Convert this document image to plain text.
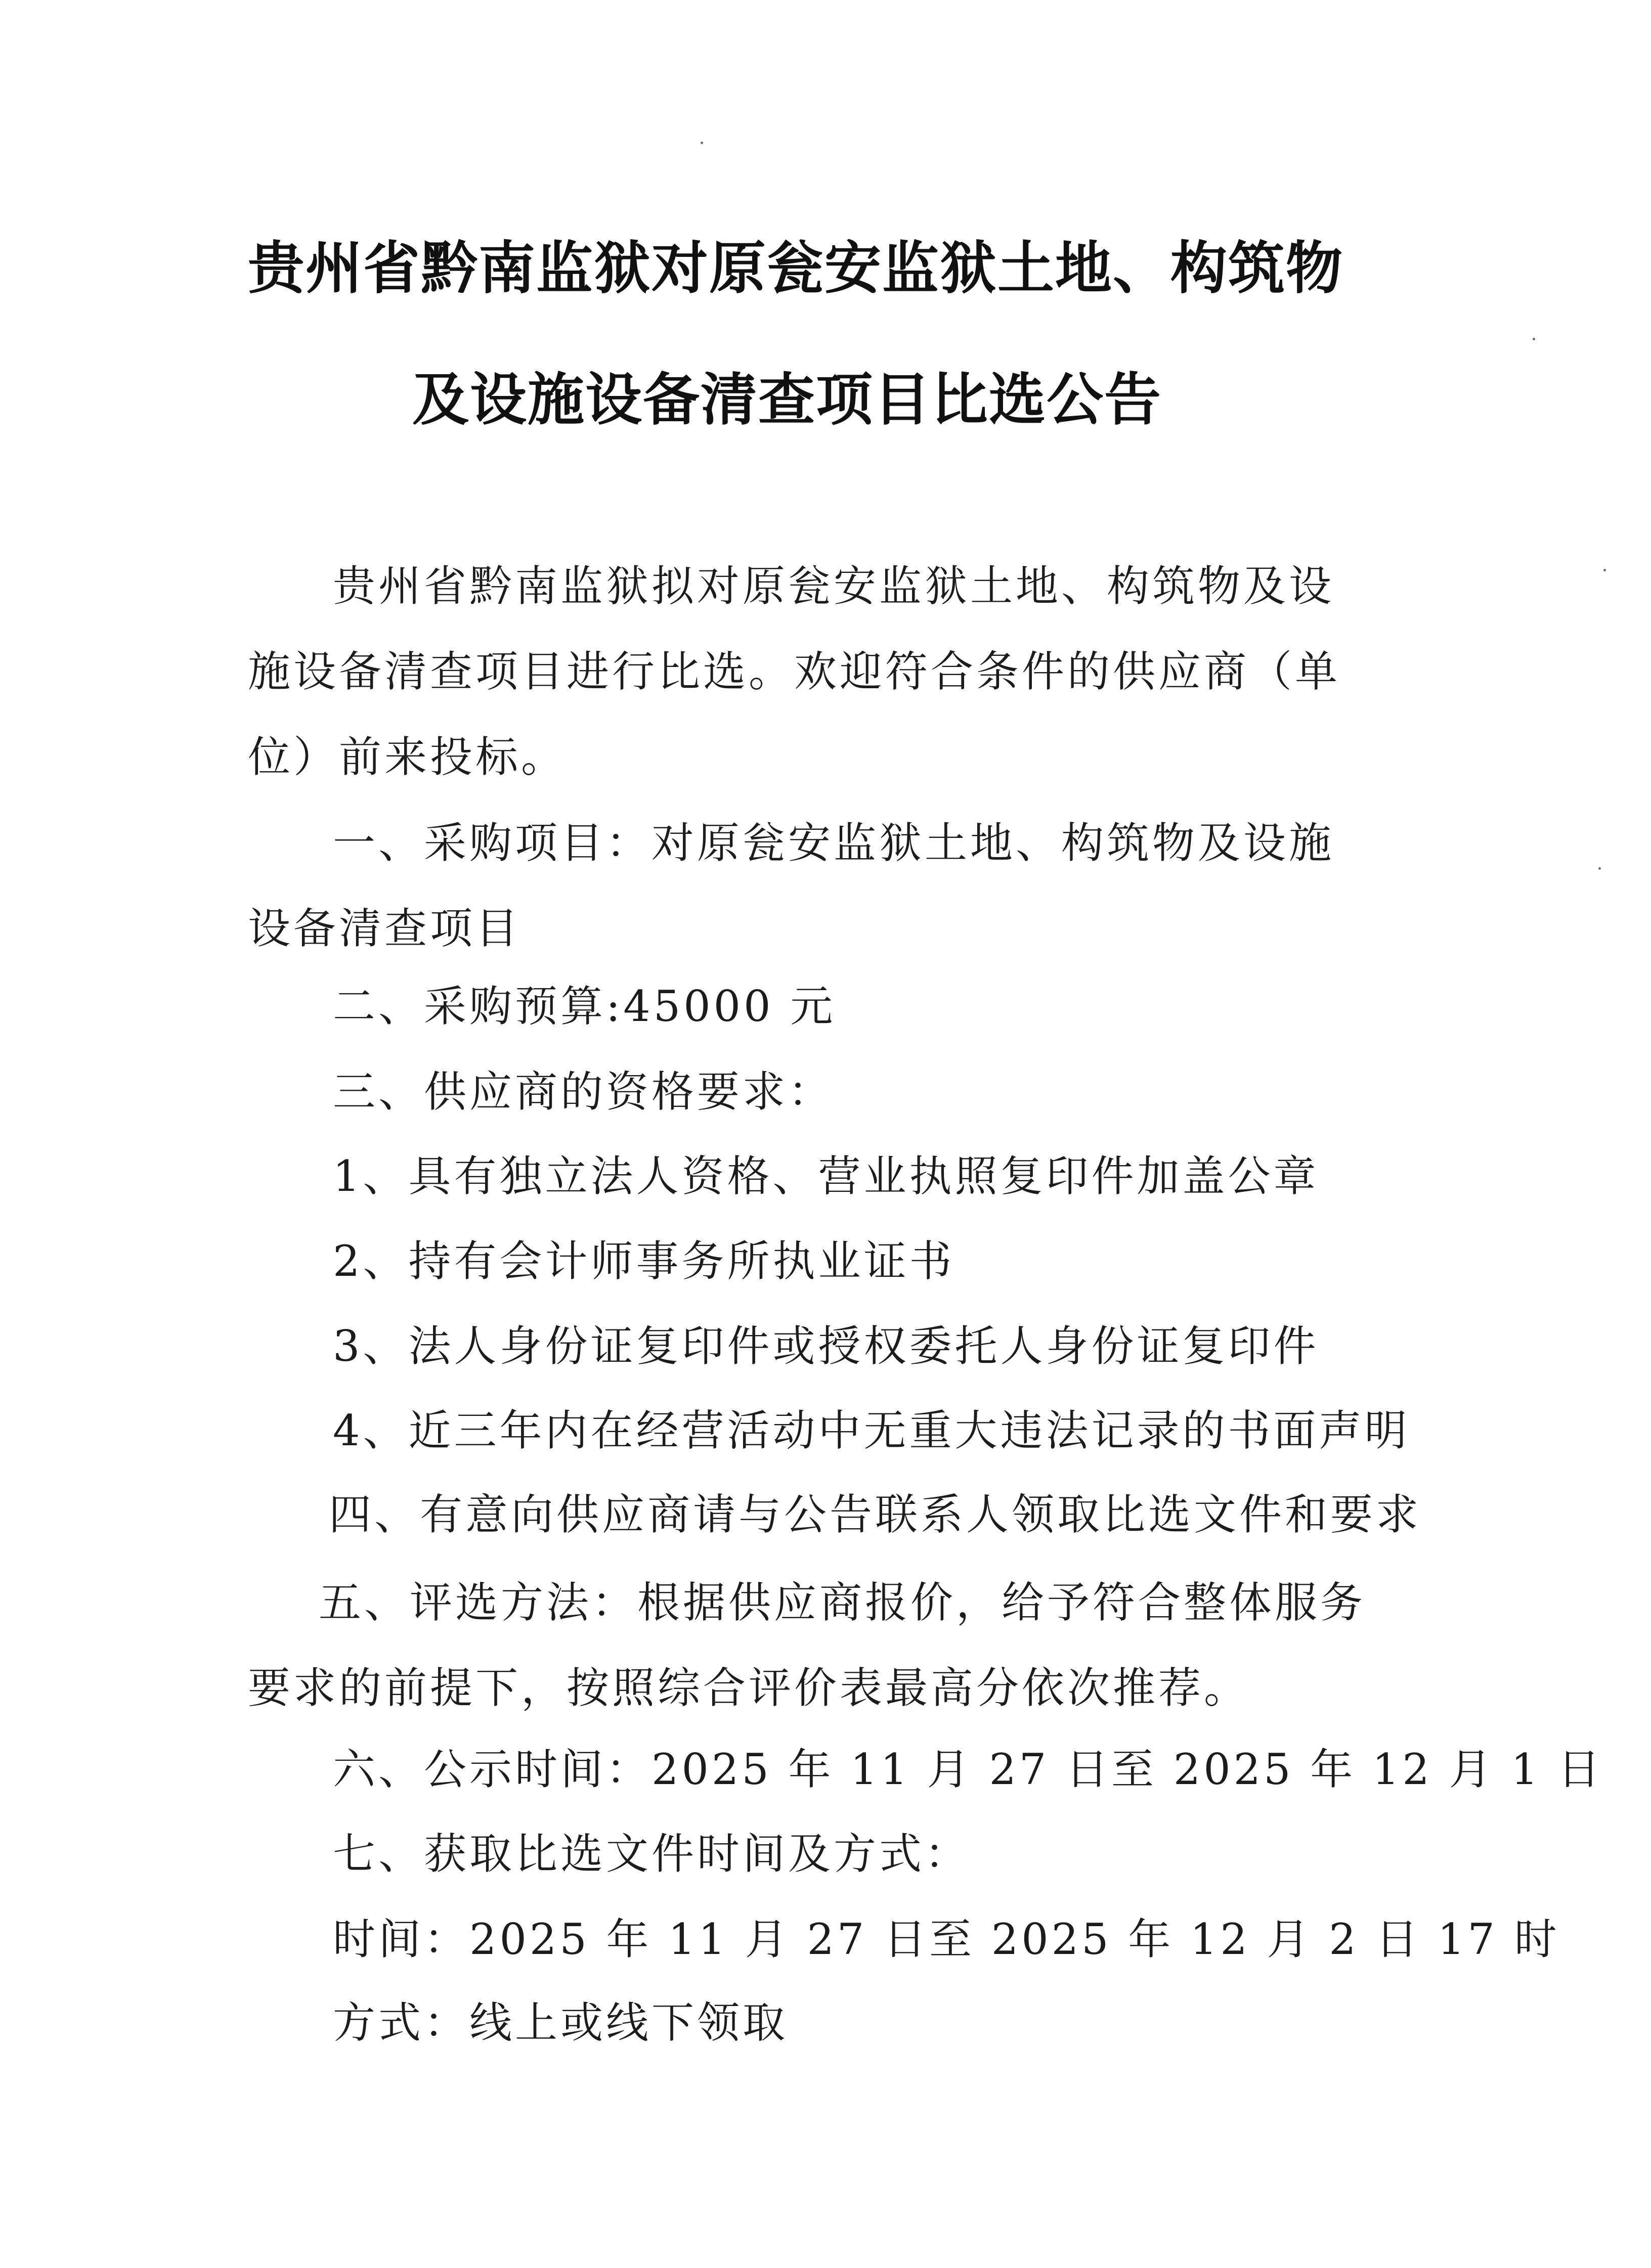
贵州省黔南监狱对原瓮安监狱土地、构筑物
及设施设备清查项目比选公告

贵州省黔南监狱拟对原瓮安监狱土地、构筑物及设施设备清查项目进行比选。欢迎符合条件的供应商（单位）前来投标。

一、采购项目：对原瓮安监狱土地、构筑物及设施设备清查项目

二、采购预算:45000 元

三、供应商的资格要求：

1、具有独立法人资格、营业执照复印件加盖公章

2、持有会计师事务所执业证书

3、法人身份证复印件或授权委托人身份证复印件

4、近三年内在经营活动中无重大违法记录的书面声明

四、有意向供应商请与公告联系人领取比选文件和要求

五、评选方法：根据供应商报价，给予符合整体服务要求的前提下，按照综合评价表最高分依次推荐。

六、公示时间：2025 年 11 月 27 日至 2025 年 12 月 1 日

七、获取比选文件时间及方式：

时间：2025 年 11 月 27 日至 2025 年 12 月 2 日 17 时

方式：线上或线下领取
